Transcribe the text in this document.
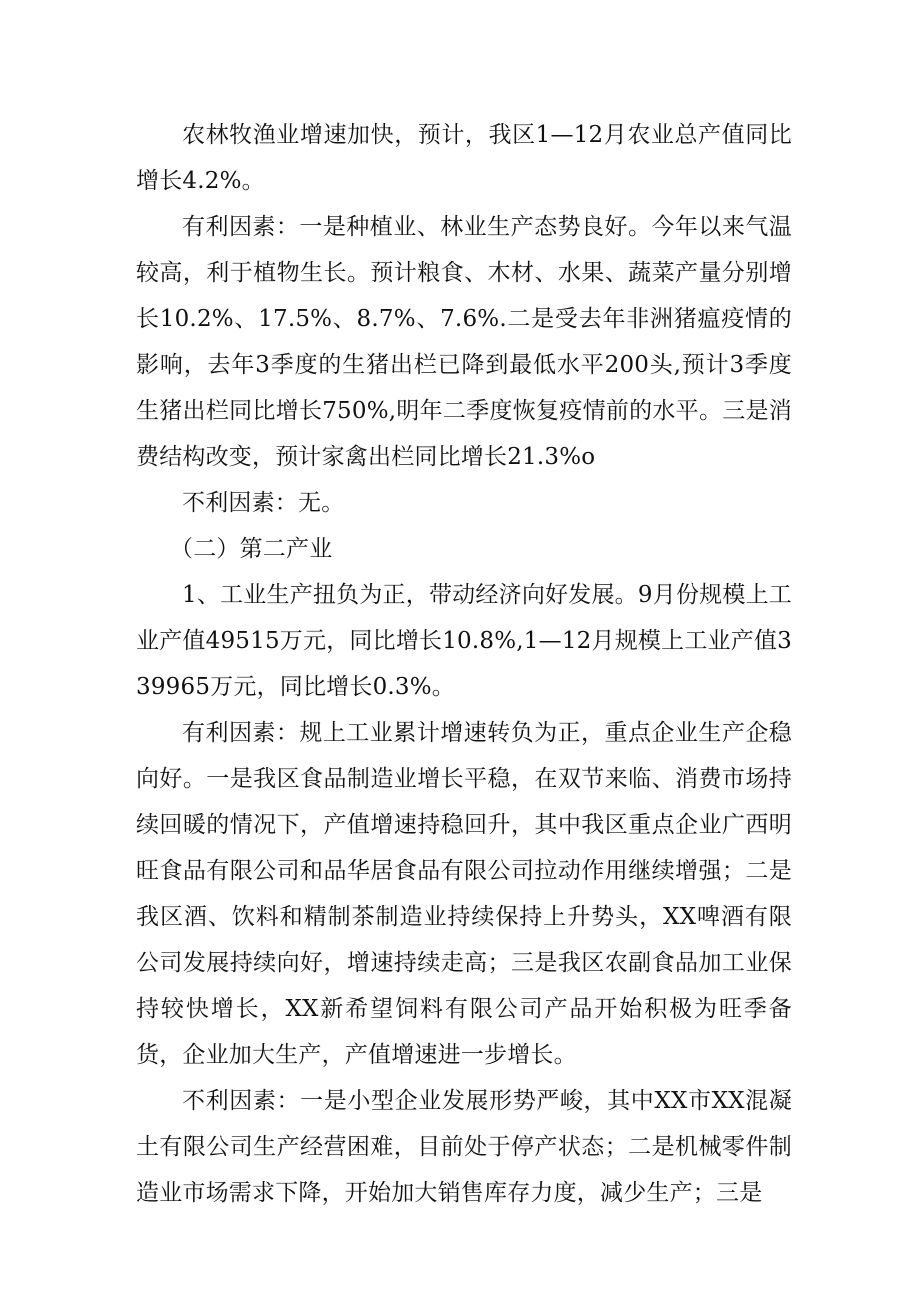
农林牧渔业增速加快，预计，我区1—12月农业总产值同比增长4.2%。

有利因素：一是种植业、林业生产态势良好。今年以来气温较高，利于植物生长。预计粮食、木材、水果、蔬菜产量分别增长10.2%、17.5%、8.7%、7.6%.二是受去年非洲猪瘟疫情的影响，去年3季度的生猪出栏已降到最低水平200头,预计3季度生猪出栏同比增长750%,明年二季度恢复疫情前的水平。三是消费结构改变，预计家禽出栏同比增长21.3%o

不利因素：无。

（二）第二产业

1、工业生产扭负为正，带动经济向好发展。9月份规模上工业产值49515万元，同比增长10.8%,1—12月规模上工业产值339965万元，同比增长0.3%。

有利因素：规上工业累计增速转负为正，重点企业生产企稳向好。一是我区食品制造业增长平稳，在双节来临、消费市场持续回暖的情况下，产值增速持稳回升，其中我区重点企业广西明旺食品有限公司和品华居食品有限公司拉动作用继续增强；二是我区酒、饮料和精制茶制造业持续保持上升势头，XX啤酒有限公司发展持续向好，增速持续走高；三是我区农副食品加工业保持较快增长，XX新希望饲料有限公司产品开始积极为旺季备货，企业加大生产，产值增速进一步增长。

不利因素：一是小型企业发展形势严峻，其中XX市XX混凝土有限公司生产经营困难，目前处于停产状态；二是机械零件制造业市场需求下降，开始加大销售库存力度，减少生产；三是
